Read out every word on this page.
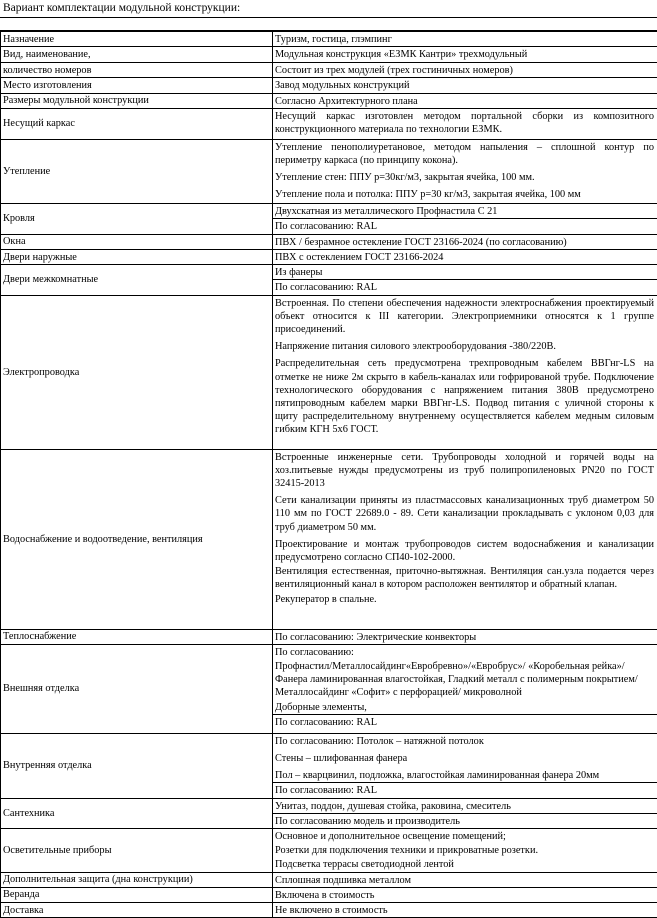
Вариант комплектации модульной конструкции:
Назначение	Туризм, гостица, глэмпинг

Вид, наименование,	Модульная конструкция «ЕЗМК Кантри» трехмодульный

количество номеров	Состоит из трех модулей (трех гостиничных номеров)

Место изготовления	Завод модульных конструкций

Размеры модульной конструкции	Согласно Архитектурного плана

Несущий каркас	Несущий каркас изготовлен методом портальной сборки из композитного конструкционного материала по технологии ЕЗМК.

Утепление	Утепление пенополиуретановое, методом напыления – сплошной контур по периметру каркаса (по принципу кокона).
Утепление стен: ППУ p=30кг/м3, закрытая ячейка, 100 мм.
Утепление пола и потолка: ППУ p=30 кг/м3, закрытая ячейка, 100 мм

Кровля	Двухскатная из металлического Профнастила С 21
По согласованию: RAL

Окна	ПВХ / безрамное остекление ГОСТ 23166-2024 (по согласованию)

Двери наружные	ПВХ с остеклением ГОСТ 23166-2024

Двери межкомнатные	Из фанеры
По согласованию: RAL

Электропроводка	Встроенная. По степени обеспечения надежности электроснабжения проектируемый объект относится к III категории. Электроприемники относятся к 1 группе присоединений.
Напряжение питания силового электрооборудования -380/220В.
Распределительная сеть предусмотрена трехпроводным кабелем ВВГнг-LS на отметке не ниже 2м скрыто в кабель-каналах или гофрированой трубе. Подключение технологического оборудования с напряжением питания 380В предусмотрено пятипроводным кабелем марки ВВГнг-LS. Подвод питания с уличной стороны к щиту распределительному внутреннему осуществляется кабелем медным силовым гибким КГН 5х6 ГОСТ.

Водоснабжение и водоотведение, вентиляция	Встроенные инженерные сети. Трубопроводы холодной и горячей воды на хоз.питьевые нужды предусмотрены из труб полипропиленовых PN20 по ГОСТ 32415-2013
Сети канализации приняты из пластмассовых канализационных труб диаметром 50 110 мм по ГОСТ 22689.0 - 89. Сети канализации прокладывать с уклоном 0,03 для труб диаметром 50 мм.
Проектирование и монтаж трубопроводов систем водоснабжения и канализации предусмотрено согласно СП40-102-2000.
Вентиляция естественная, приточно-вытяжная. Вентиляция сан.узла подается через вентиляционный канал в котором расположен вентилятор и обратный клапан.
Рекуператор в спальне.

Теплоснабжение	По согласованию: Электрические конвекторы

Внешняя отделка	По согласованию:
Профнастил/Металлосайдинг«Евробревно»/«Евробрус»/ «Коробельная рейка»/ Фанера ламинированная влагостойкая, Гладкий металл с полимерным покрытием/Металлосайдинг «Софит» с перфорацией/ микроволной
Доборные элементы,
По согласованию: RAL

Внутренняя отделка	По согласованию: Потолок – натяжной потолок
Стены – шлифованная фанера
Пол – кварцвинил, подложка, влагостойкая ламинированная фанера 20мм
По согласованию: RAL

Сантехника	Унитаз, поддон, душевая стойка, раковина, смеситель
По согласованию модель и производитель

Осветительные приборы	Основное и дополнительное освещение помещений;
Розетки для подключения техники и прикроватные розетки.
Подсветка террасы светодиодной лентой

Дополнительная защита (дна конструкции)	Сплошная подшивка металлом

Веранда	Включена в стоимость

Доставка	Не включено в стоимость
